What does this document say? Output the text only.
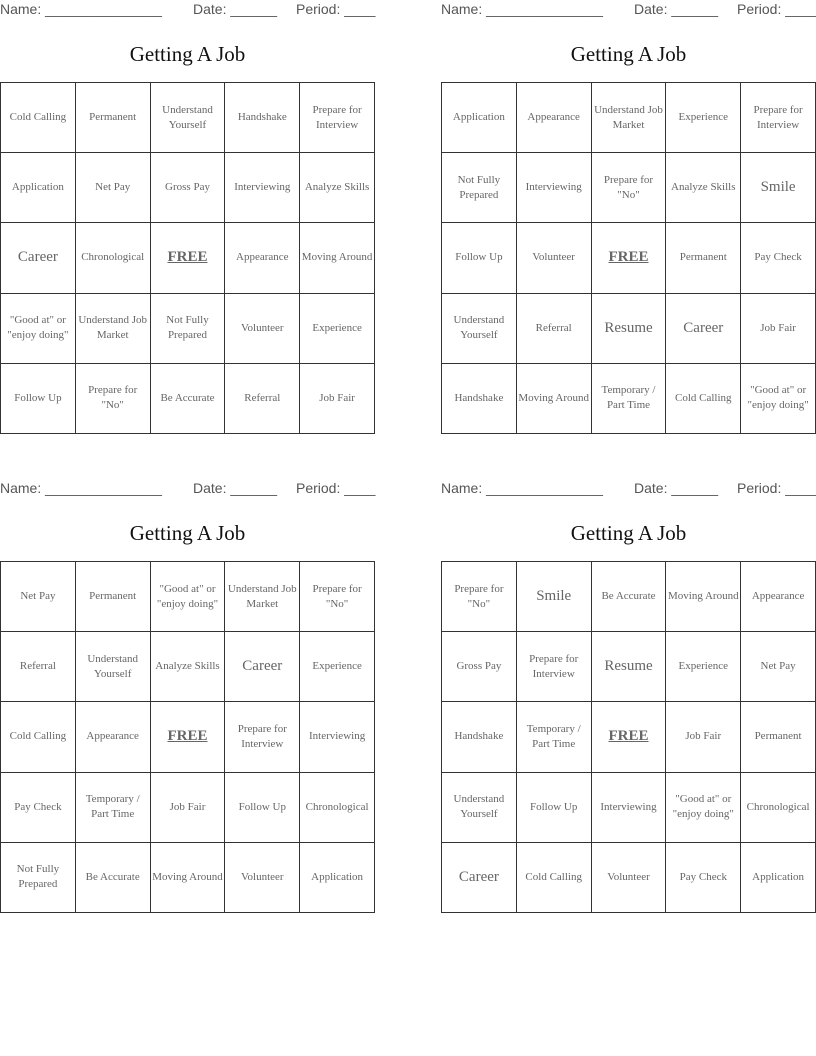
Name: _______________ Date: ______ Period: ____
Getting A Job
Cold Calling	Permanent	Understand Yourself	Handshake	Prepare for Interview
Application	Net Pay	Gross Pay	Interviewing	Analyze Skills
Career	Chronological	FREE	Appearance	Moving Around
"Good at" or "enjoy doing"	Understand Job Market	Not Fully Prepared	Volunteer	Experience
Follow Up	Prepare for "No"	Be Accurate	Referral	Job Fair
Name: _______________ Date: ______ Period: ____
Getting A Job
Application	Appearance	Understand Job Market	Experience	Prepare for Interview
Not Fully Prepared	Interviewing	Prepare for "No"	Analyze Skills	Smile
Follow Up	Volunteer	FREE	Permanent	Pay Check
Understand Yourself	Referral	Resume	Career	Job Fair
Handshake	Moving Around	Temporary / Part Time	Cold Calling	"Good at" or "enjoy doing"
Name: _______________ Date: ______ Period: ____
Getting A Job
Net Pay	Permanent	"Good at" or "enjoy doing"	Understand Job Market	Prepare for "No"
Referral	Understand Yourself	Analyze Skills	Career	Experience
Cold Calling	Appearance	FREE	Prepare for Interview	Interviewing
Pay Check	Temporary / Part Time	Job Fair	Follow Up	Chronological
Not Fully Prepared	Be Accurate	Moving Around	Volunteer	Application
Name: _______________ Date: ______ Period: ____
Getting A Job
Prepare for "No"	Smile	Be Accurate	Moving Around	Appearance
Gross Pay	Prepare for Interview	Resume	Experience	Net Pay
Handshake	Temporary / Part Time	FREE	Job Fair	Permanent
Understand Yourself	Follow Up	Interviewing	"Good at" or "enjoy doing"	Chronological
Career	Cold Calling	Volunteer	Pay Check	Application
